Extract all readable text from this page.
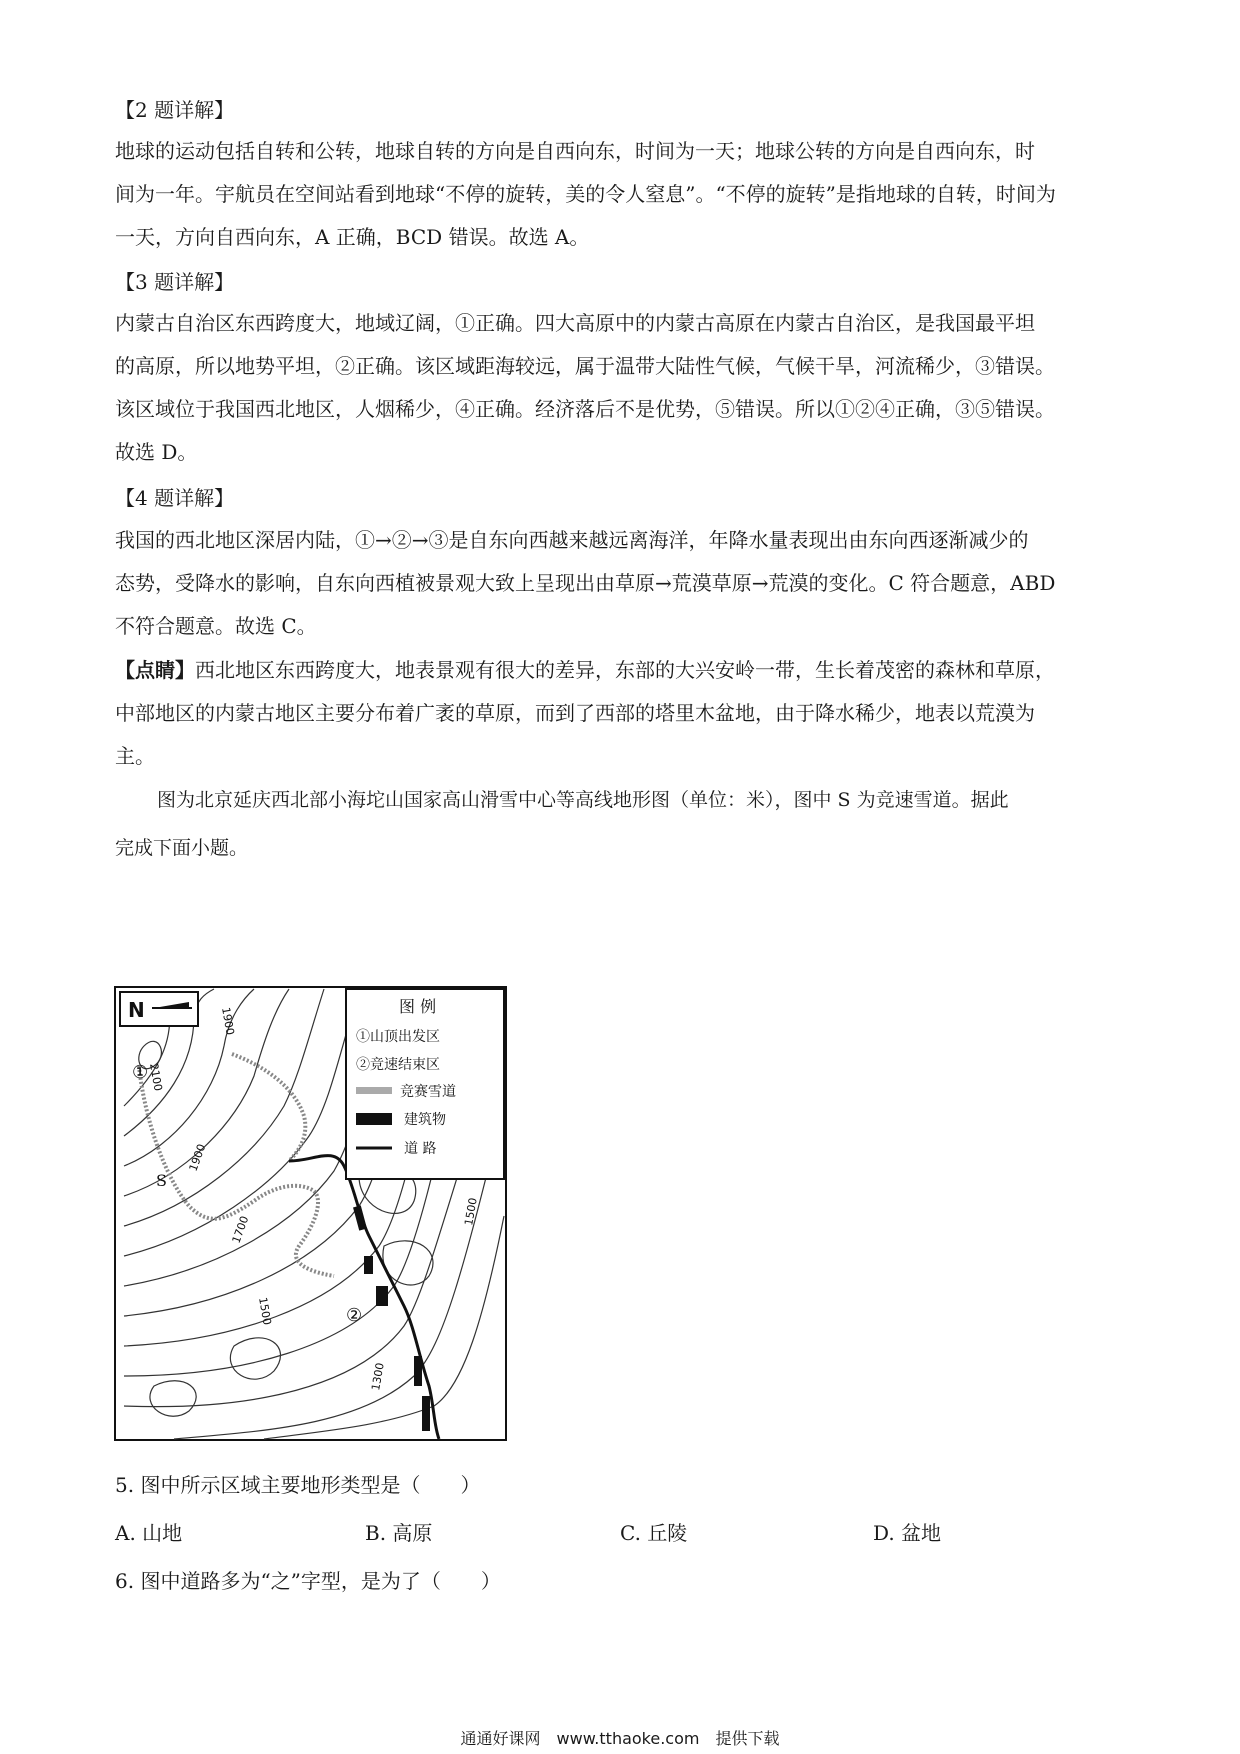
【2 题详解】
地球的运动包括自转和公转，地球自转的方向是自西向东，时间为一天；地球公转的方向是自西向东，时
间为一年。宇航员在空间站看到地球“不停的旋转，美的令人窒息”。“不停的旋转”是指地球的自转，时间为
一天，方向自西向东，A 正确，BCD 错误。故选 A。
【3 题详解】
内蒙古自治区东西跨度大，地域辽阔，①正确。四大高原中的内蒙古高原在内蒙古自治区，是我国最平坦
的高原，所以地势平坦，②正确。该区域距海较远，属于温带大陆性气候，气候干旱，河流稀少，③错误。
该区域位于我国西北地区，人烟稀少，④正确。经济落后不是优势，⑤错误。所以①②④正确，③⑤错误。
故选 D。
【4 题详解】
我国的西北地区深居内陆，①→②→③是自东向西越来越远离海洋，年降水量表现出由东向西逐渐减少的
态势，受降水的影响，自东向西植被景观大致上呈现出由草原→荒漠草原→荒漠的变化。C 符合题意，ABD
不符合题意。故选 C。
【点睛】西北地区东西跨度大，地表景观有很大的差异，东部的大兴安岭一带，生长着茂密的森林和草原，
中部地区的内蒙古地区主要分布着广袤的草原，而到了西部的塔里木盆地，由于降水稀少，地表以荒漠为
主。
图为北京延庆西北部小海坨山国家高山滑雪中心等高线地形图（单位：米），图中 S 为竞速雪道。据此
完成下面小题。
N	图 例
①山顶出发区
②竞速结束区
竞赛雪道
建筑物
道 路
1900
2100
1900
1700
1500
1500
1300
①
②
S
5. 图中所示区域主要地形类型是（　　）
A. 山地	B. 高原	C. 丘陵	D. 盆地
6. 图中道路多为“之”字型，是为了（　　）
通通好课网　www.tthaoke.com　提供下载
